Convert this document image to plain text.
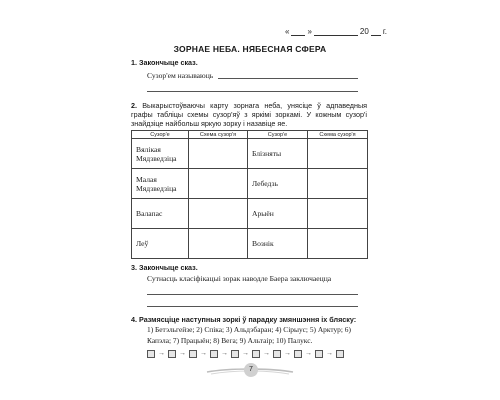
« »	20 г.
ЗОРНАЕ НЕБА. НЯБЕСНАЯ СФЕРА
1. Закончыце сказ.
Сузор'ем называюць
2. Выкарыстоўваючы карту зорнага неба, унясіце ў адпаведныя графы таблiцы схемы сузор'яў з яркімі зоркамі. У кожным сузор'і знайдзіце найбольш яркую зорку і назавіце яе.
Сузор'е	Схема сузор'я	Сузор'е	Схема сузор'я
Вялікая Мядзведзіца		Блізняты	
Малая Мядзведзіца		Лебедзь	
Валапас		Арыён	
Леў		Вознік	
3. Закончыце сказ.
Сутнасць класіфікацыі зорак наводле Баера заключаецца
4. Размясціце наступныя зоркі ў парадку змяншэння іх бляску:
1) Бетэльгейзе; 2) Спіка; 3) Альдэбаран; 4) Сірыус; 5) Арктур; 6) Капэла; 7) Працыён; 8) Вега; 9) Альтаір; 10) Палукс.
→	→	→	→	→	→	→	→	→
7
